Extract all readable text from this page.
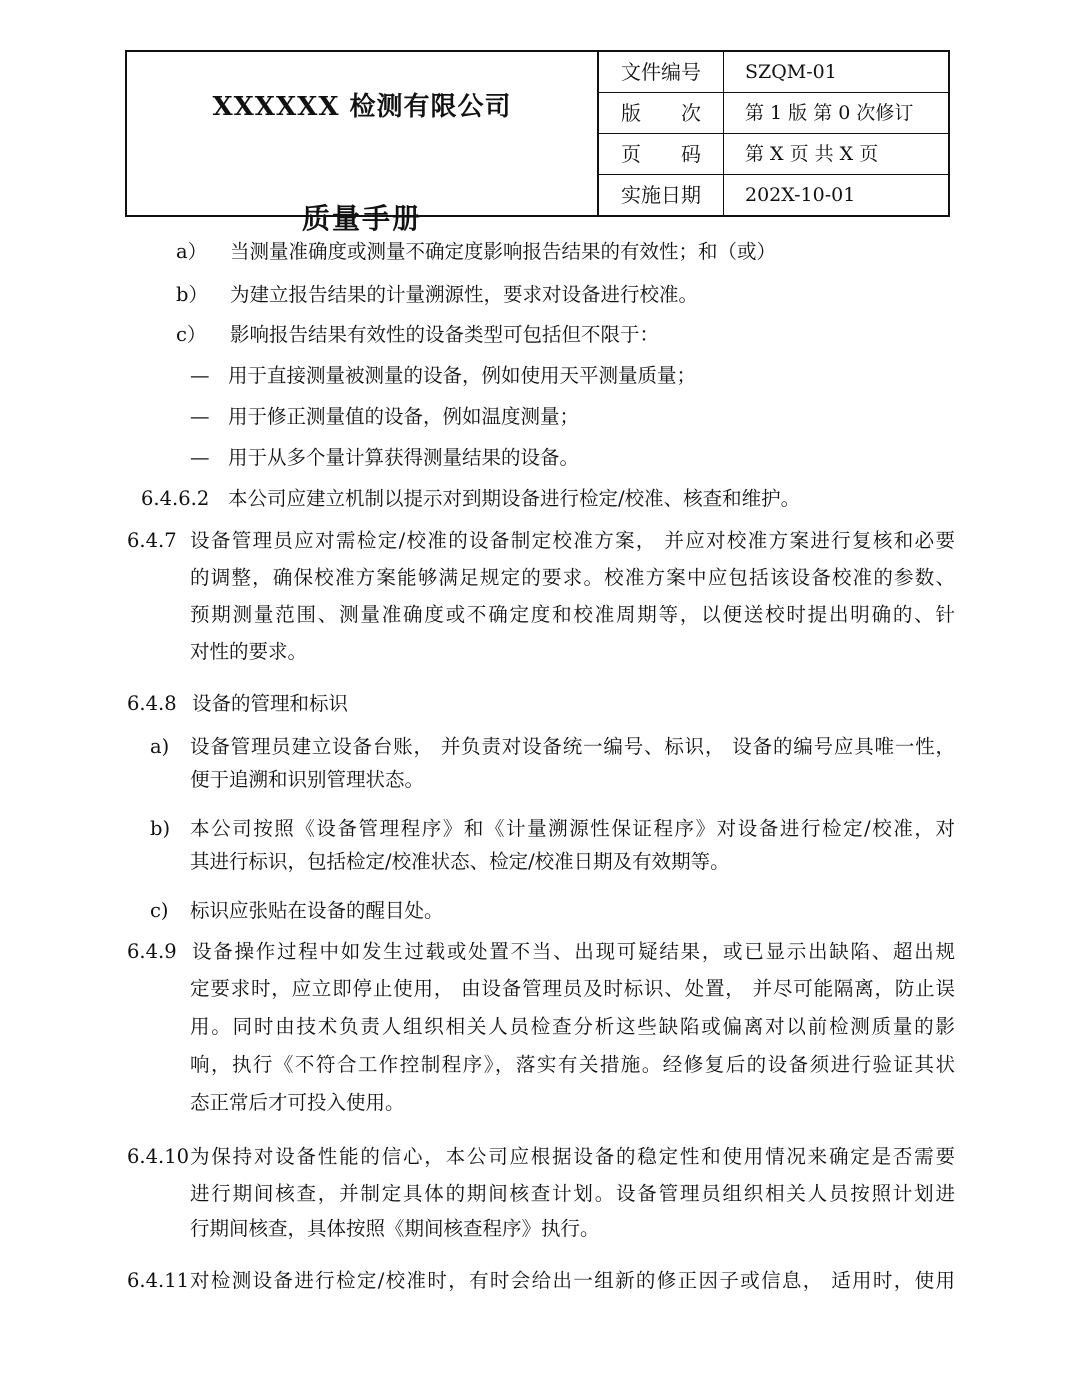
XXXXXX 检测有限公司
质量手册
文件编号	SZQM-01
版　　次	第 1 版 第 0 次修订
页　　码	第 X 页 共 X 页
实施日期	202X-10-01
a） 当测量准确度或测量不确定度影响报告结果的有效性；和（或）
b） 为建立报告结果的计量溯源性，要求对设备进行校准。
c） 影响报告结果有效性的设备类型可包括但不限于：
— 用于直接测量被测量的设备，例如使用天平测量质量；
— 用于修正测量值的设备，例如温度测量；
— 用于从多个量计算获得测量结果的设备。
6.4.6.2 本公司应建立机制以提示对到期设备进行检定/校准、核查和维护。
6.4.7 设备管理员应对需检定/校准的设备制定校准方案， 并应对校准方案进行复核和必要
的调整，确保校准方案能够满足规定的要求。校准方案中应包括该设备校准的参数、
预期测量范围、测量准确度或不确定度和校准周期等，以便送校时提出明确的、针
对性的要求。
6.4.8 设备的管理和标识
a) 设备管理员建立设备台账， 并负责对设备统一编号、标识， 设备的编号应具唯一性，
便于追溯和识别管理状态。
b) 本公司按照《设备管理程序》和《计量溯源性保证程序》对设备进行检定/校准，对
其进行标识，包括检定/校准状态、检定/校准日期及有效期等。
c) 标识应张贴在设备的醒目处。
6.4.9 设备操作过程中如发生过载或处置不当、出现可疑结果，或已显示出缺陷、超出规
定要求时，应立即停止使用， 由设备管理员及时标识、处置， 并尽可能隔离，防止误
用。同时由技术负责人组织相关人员检查分析这些缺陷或偏离对以前检测质量的影
响，执行《不符合工作控制程序》，落实有关措施。经修复后的设备须进行验证其状
态正常后才可投入使用。
6.4.10 为保持对设备性能的信心，本公司应根据设备的稳定性和使用情况来确定是否需要
进行期间核查，并制定具体的期间核查计划。设备管理员组织相关人员按照计划进
行期间核查，具体按照《期间核查程序》执行。
6.4.11 对检测设备进行检定/校准时，有时会给出一组新的修正因子或信息， 适用时，使用
